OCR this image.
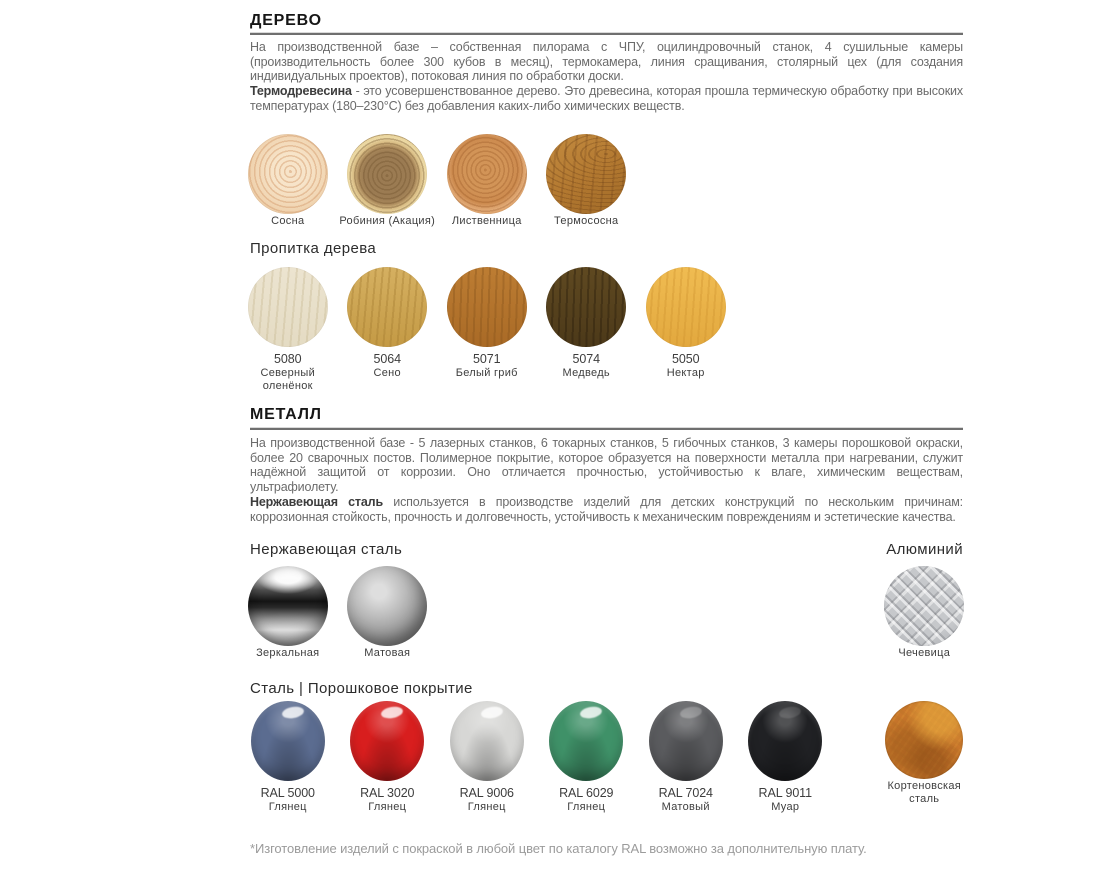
ДЕРЕВО

На производственной базе – собственная пилорама с ЧПУ, оцилиндровочный станок, 4 сушильные камеры (производительность более 300 кубов в месяц), термокамера, линия сращивания, столярный цех (для создания индивидуальных проектов), потоковая линия по обработки доски.

Термодревесина - это усовершенствованное дерево. Это древесина, которая прошла термическую обработку при высоких температурах (180–230°С) без добавления каких-либо химических веществ.

Сосна	Робиния (Акация) Лиственница	Термососна
Пропитка дерева
5080
Северный оленёнок
5064
Сено
5071
Белый гриб
5074
Медведь
5050
Нектар
МЕТАЛЛ

На производственной базе - 5 лазерных станков, 6 токарных станков, 5 гибочных станков, 3 камеры порошковой окраски, более 20 сварочных постов. Полимерное покрытие, которое образуется на поверхности металла при нагревании, служит надёжной защитой от коррозии. Оно отличается прочностью, устойчивостью к влаге, химическим веществам, ультрафиолету.

Нержавеющая сталь используется в производстве изделий для детских конструкций по нескольким причинам: коррозионная стойкость, прочность и долговечность, устойчивость к механическим повреждениям и эстетические качества.

Нержавеющая сталь	Алюминий
Зеркальная	Матовая	Чечевица
Сталь | Порошковое покрытие
RAL 5000
Глянец
RAL 3020
Глянец
RAL 9006
Глянец
RAL 6029
Глянец
RAL 7024
Матовый
RAL 9011
Муар
Кортеновская сталь
*Изготовление изделий с покраской в любой цвет по каталогу RAL возможно за дополнительную плату.
